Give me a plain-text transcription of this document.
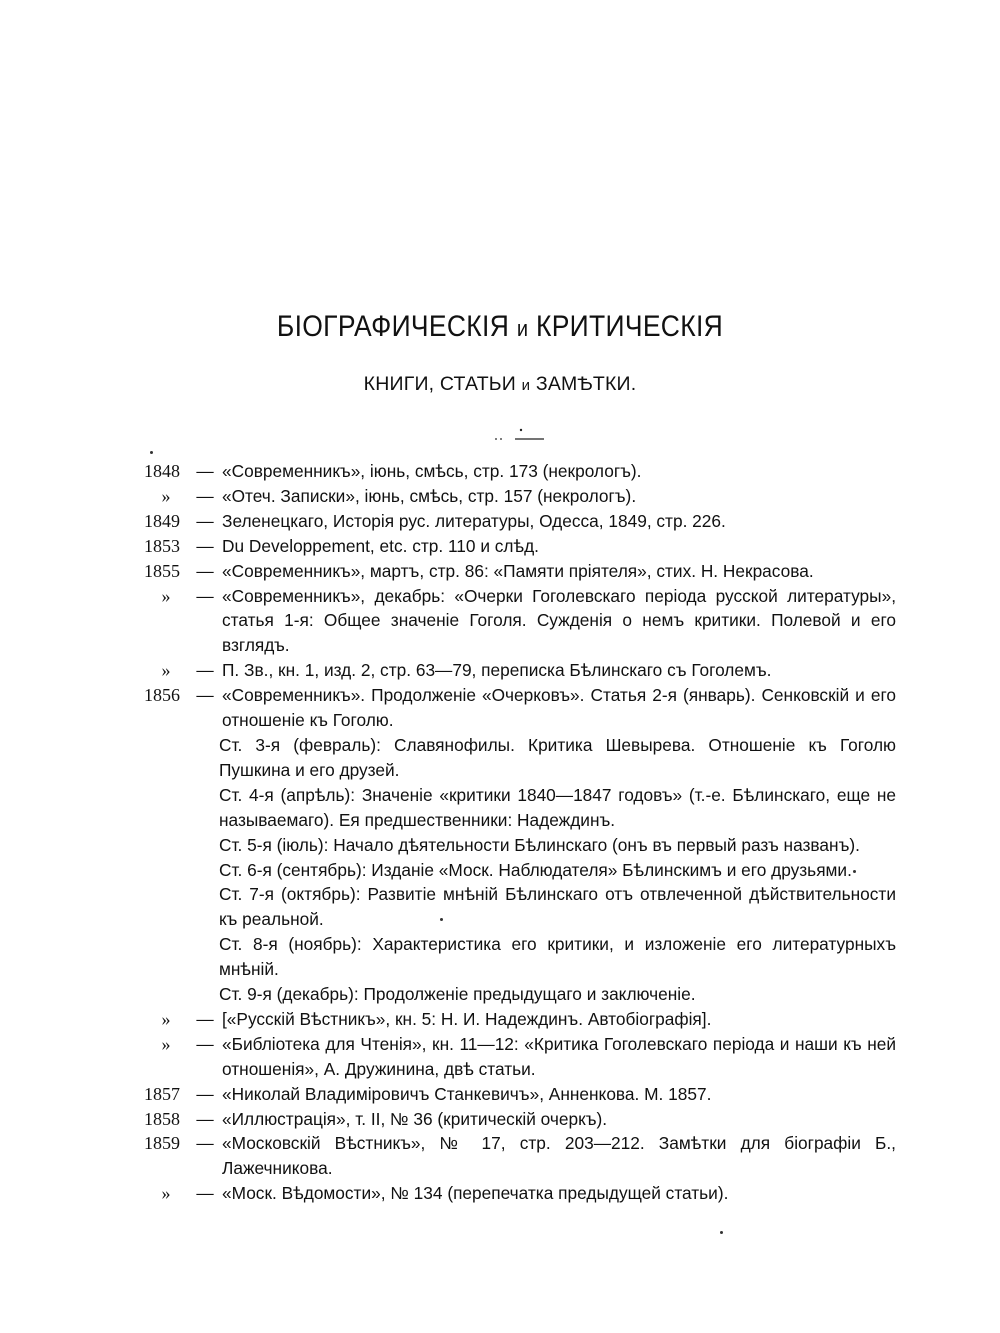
БІОГРАФИЧЕСКІЯ и КРИТИЧЕСКІЯ
КНИГИ, СТАТЬИ и ЗАМѢТКИ.
1848 — «Современникъ», іюнь, смѣсь, стр. 173 (некрологъ).
»	— «Отеч. Записки», іюнь, смѣсь, стр. 157 (некрологъ).
1849 — Зеленецкаго, Исторія рус. литературы, Одесса, 1849, стр. 226.
1853 — Du Developpement, etc. стр. 110 и слѣд.
1855 — «Современникъ», мартъ, стр. 86: «Памяти пріятеля», стих. Н. Некрасова.
»	— «Современникъ», декабрь: «Очерки Гоголевскаго періода русской литературы», статья 1-я: Общее значеніе Гоголя. Сужденія о немъ критики. Полевой и его взглядъ.
»	— П. Зв., кн. 1, изд. 2, стр. 63—79, переписка Бѣлинскаго съ Гоголемъ.
1856 — «Современникъ». Продолженіе «Очерковъ». Статья 2-я (январь). Сенковскій и его отношеніе къ Гоголю.
Ст. 3-я (февраль): Славянофилы. Критика Шевырева. Отношеніе къ Гоголю Пушкина и его друзей.
Ст. 4-я (апрѣль): Значеніе «критики 1840—1847 годовъ» (т.-е. Бѣлинскаго, еще не называемаго). Ея предшественники: Надеждинъ.
Ст. 5-я (іюль): Начало дѣятельности Бѣлинскаго (онъ въ первый разъ названъ).
Ст. 6-я (сентябрь): Изданіе «Моск. Наблюдателя» Бѣлинскимъ и его друзьями.
Ст. 7-я (октябрь): Развитіе мнѣній Бѣлинскаго отъ отвлеченной дѣйствительности къ реальной.
Ст. 8-я (ноябрь): Характеристика его критики, и изложеніе его литературныхъ мнѣній.
Ст. 9-я (декабрь): Продолженіе предыдущаго и заключеніе.
»	— [«Русскій Вѣстникъ», кн. 5: Н. И. Надеждинъ. Автобіографія].
»	— «Библіотека для Чтенія», кн. 11—12: «Критика Гоголевскаго періода и наши къ ней отношенія», А. Дружинина, двѣ статьи.
1857 — «Николай Владиміровичъ Станкевичъ», Анненкова. М. 1857.
1858 — «Иллюстрація», т. II, № 36 (критическій очеркъ).
1859 — «Московскій Вѣстникъ», № 17, стр. 203—212. Замѣтки для біографіи Б., Лажечникова.
»	— «Моск. Вѣдомости», № 134 (перепечатка предыдущей статьи).
